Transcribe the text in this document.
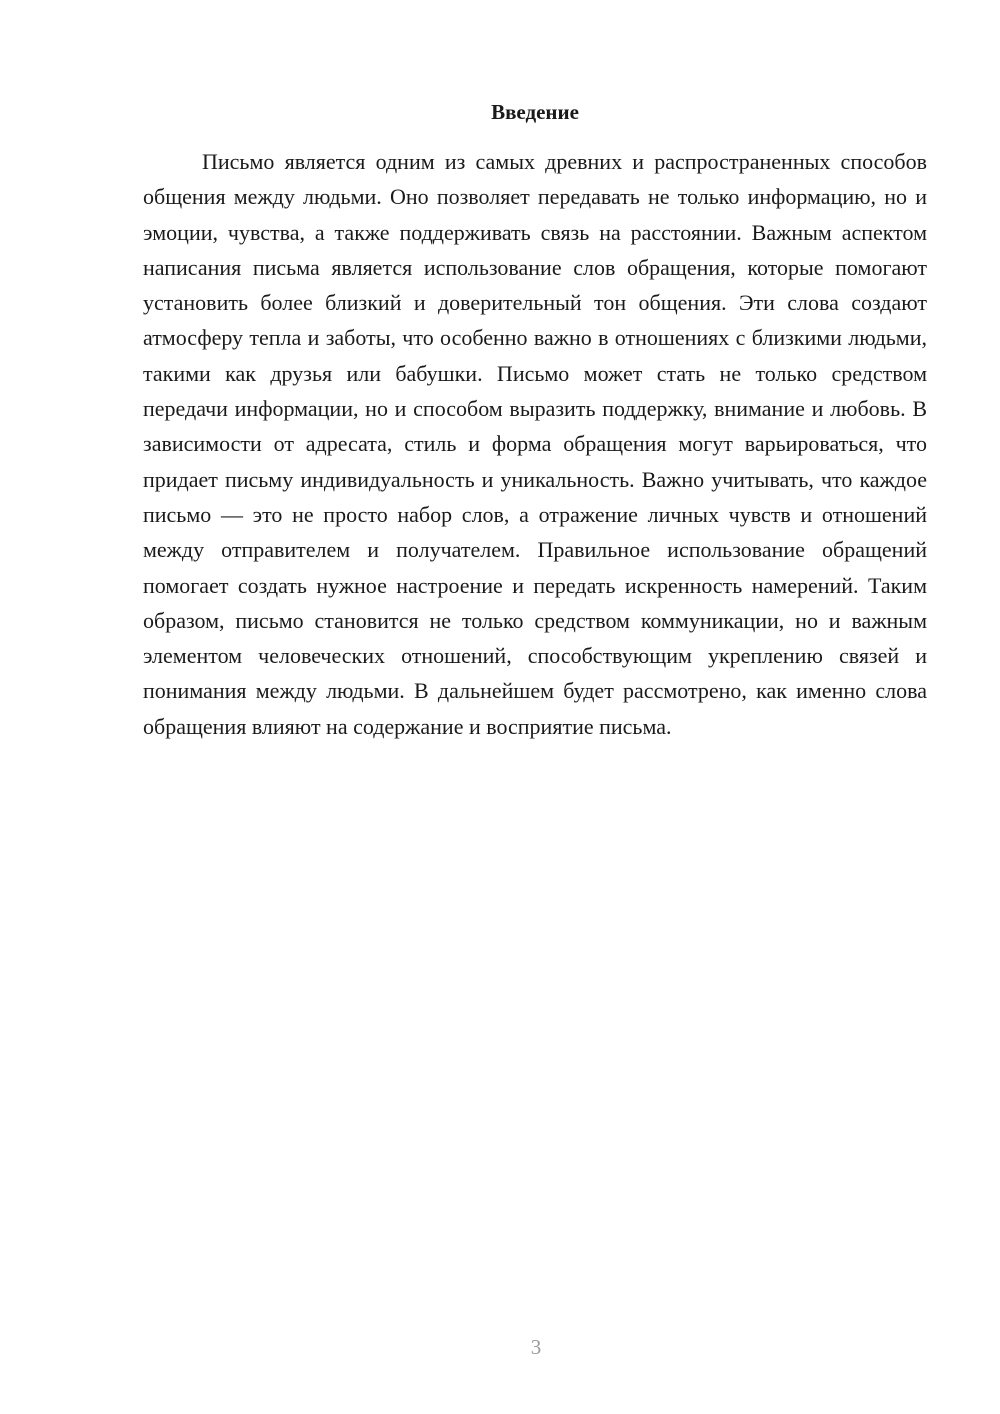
Введение

Письмо является одним из самых древних и распространенных способов общения между людьми. Оно позволяет передавать не только информацию, но и эмоции, чувства, а также поддерживать связь на расстоянии. Важным аспектом написания письма является использование слов обращения, которые помогают установить более близкий и доверительный тон общения. Эти слова создают атмосферу тепла и заботы, что особенно важно в отношениях с близкими людьми, такими как друзья или бабушки. Письмо может стать не только средством передачи информации, но и способом выразить поддержку, внимание и любовь. В зависимости от адресата, стиль и форма обращения могут варьироваться, что придает письму индивидуальность и уникальность. Важно учитывать, что каждое письмо — это не просто набор слов, а отражение личных чувств и отношений между отправителем и получателем. Правильное использование обращений помогает создать нужное настроение и передать искренность намерений. Таким образом, письмо становится не только средством коммуникации, но и важным элементом человеческих отношений, способствующим укреплению связей и понимания между людьми. В дальнейшем будет рассмотрено, как именно слова обращения влияют на содержание и восприятие письма.

3
